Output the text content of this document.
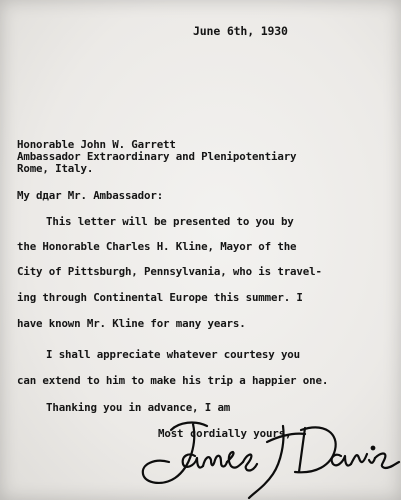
June 6th, 1930
Honorable John W. Garrett
Ambassador Extraordinary and Plenipotentiary
Rome, Italy.
My dдar Mr. Ambassador:
This letter will be presented to you by
the Honorable Charles H. Kline, Mayor of the
City of Pittsburgh, Pennsylvania, who is travel-
ing through Continental Europe this summer. I
have known Mr. Kline for many years.
I shall appreciate whatever courtesy you
can extend to him to make his trip a happier one.
Thanking you in advance, I am
Most cordially yours,
